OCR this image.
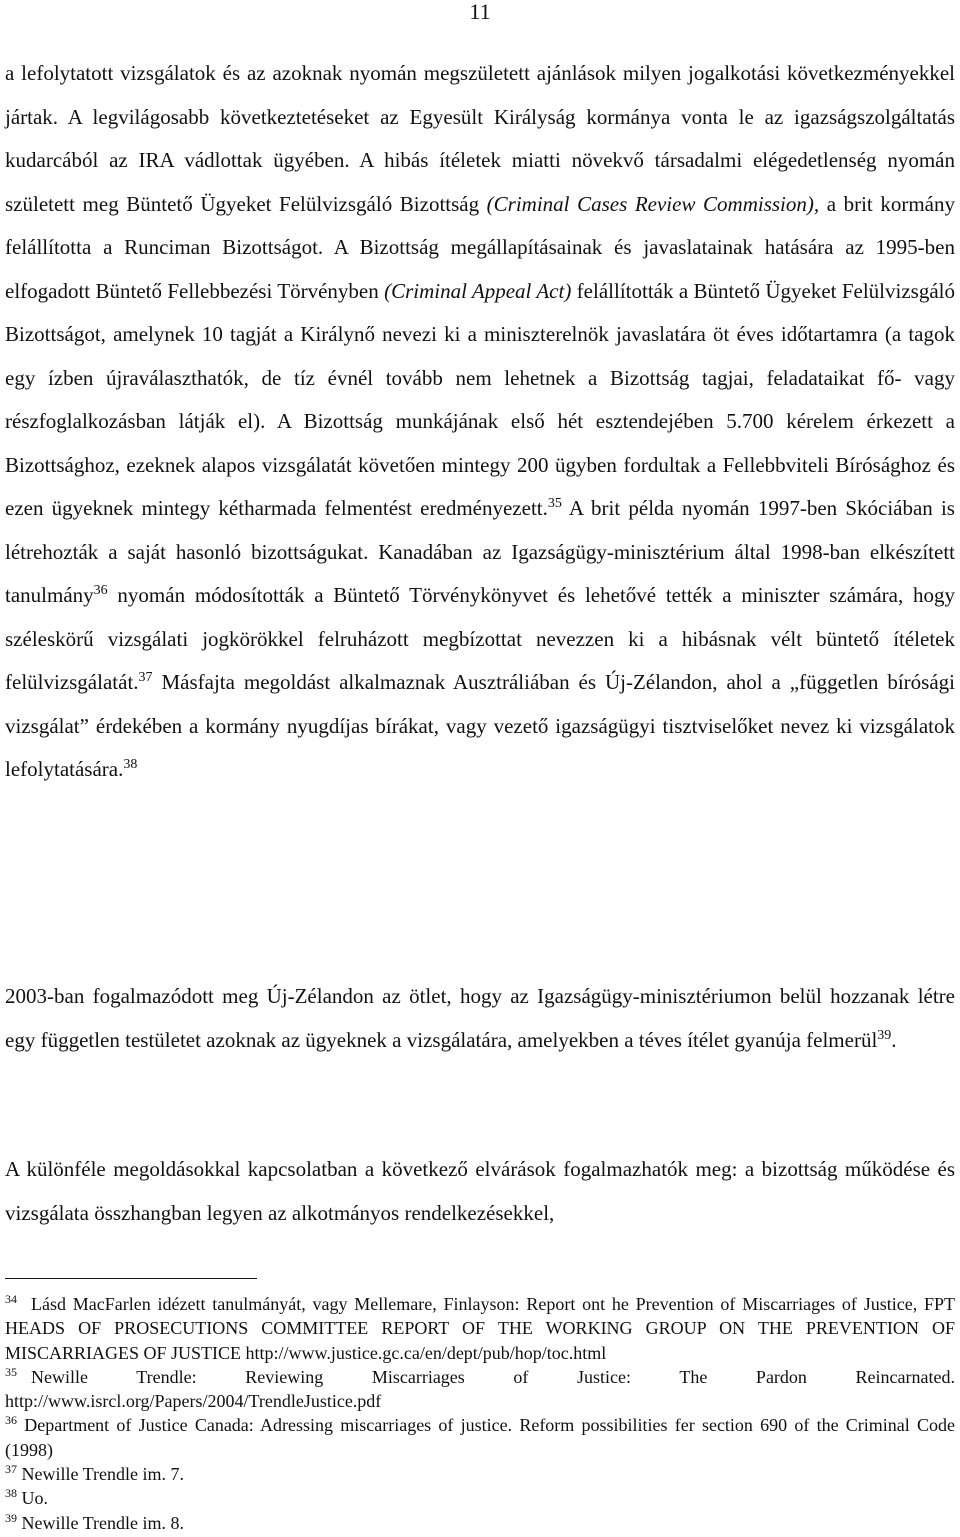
11

a lefolytatott vizsgálatok és az azoknak nyomán megszületett ajánlások milyen jogalkotási következményekkel jártak. A legvilágosabb következtetéseket az Egyesült Királyság kormánya vonta le az igazságszolgáltatás kudarcából az IRA vádlottak ügyében. A hibás ítéletek miatti növekvő társadalmi elégedetlenség nyomán született meg Büntető Ügyeket Felülvizsgáló Bizottság (Criminal Cases Review Commission), a brit kormány felállította a Runciman Bizottságot. A Bizottság megállapításainak és javaslatainak hatására az 1995-ben elfogadott Büntető Fellebbezési Törvényben (Criminal Appeal Act) felállították a Büntető Ügyeket Felülvizsgáló Bizottságot, amelynek 10 tagját a Királynő nevezi ki a miniszterelnök javaslatára öt éves időtartamra (a tagok egy ízben újraválaszthatók, de tíz évnél tovább nem lehetnek a Bizottság tagjai, feladataikat fő- vagy részfoglalkozásban látják el). A Bizottság munkájának első hét esztendejében 5.700 kérelem érkezett a Bizottsághoz, ezeknek alapos vizsgálatát követően mintegy 200 ügyben fordultak a Fellebbviteli Bírósághoz és ezen ügyeknek mintegy kétharmada felmentést eredményezett.$^{35}$ A brit példa nyomán 1997-ben Skóciában is létrehozták a saját hasonló bizottságukat. Kanadában az Igazságügy-minisztérium által 1998-ban elkészített tanulmány$^{36}$ nyomán módosították a Büntető Törvénykönyvet és lehetővé tették a miniszter számára, hogy széleskörű vizsgálati jogkörökkel felruházott megbízottat nevezzen ki a hibásnak vélt büntető ítéletek felülvizsgálatát.$^{37}$ Másfajta megoldást alkalmaznak Ausztráliában és Új-Zélandon, ahol a „független bírósági vizsgálat” érdekében a kormány nyugdíjas bírákat, vagy vezető igazságügyi tisztviselőket nevez ki vizsgálatok lefolytatására.$^{38}$

2003-ban fogalmazódott meg Új-Zélandon az ötlet, hogy az Igazságügy-minisztériumon belül hozzanak létre egy független testületet azoknak az ügyeknek a vizsgálatára, amelyekben a téves ítélet gyanúja felmerül$^{39}$.

A különféle megoldásokkal kapcsolatban a következő elvárások fogalmazhatók meg: a bizottság működése és vizsgálata összhangban legyen az alkotmányos rendelkezésekkel,

$^{34}$ Lásd MacFarlen idézett tanulmányát, vagy Mellemare, Finlayson: Report ont he Prevention of Miscarriages of Justice, FPT HEADS OF PROSECUTIONS COMMITTEE REPORT OF THE WORKING GROUP ON THE PREVENTION OF MISCARRIAGES OF JUSTICE http://www.justice.gc.ca/en/dept/pub/hop/toc.html

$^{35}$ Newille Trendle: Reviewing Miscarriages of Justice: The Pardon Reincarnated. http://www.isrcl.org/Papers/2004/TrendleJustice.pdf

$^{36}$ Department of Justice Canada: Adressing miscarriages of justice. Reform possibilities fer section 690 of the Criminal Code (1998)

$^{37}$ Newille Trendle im. 7.

$^{38}$ Uo.

$^{39}$ Newille Trendle im. 8.
